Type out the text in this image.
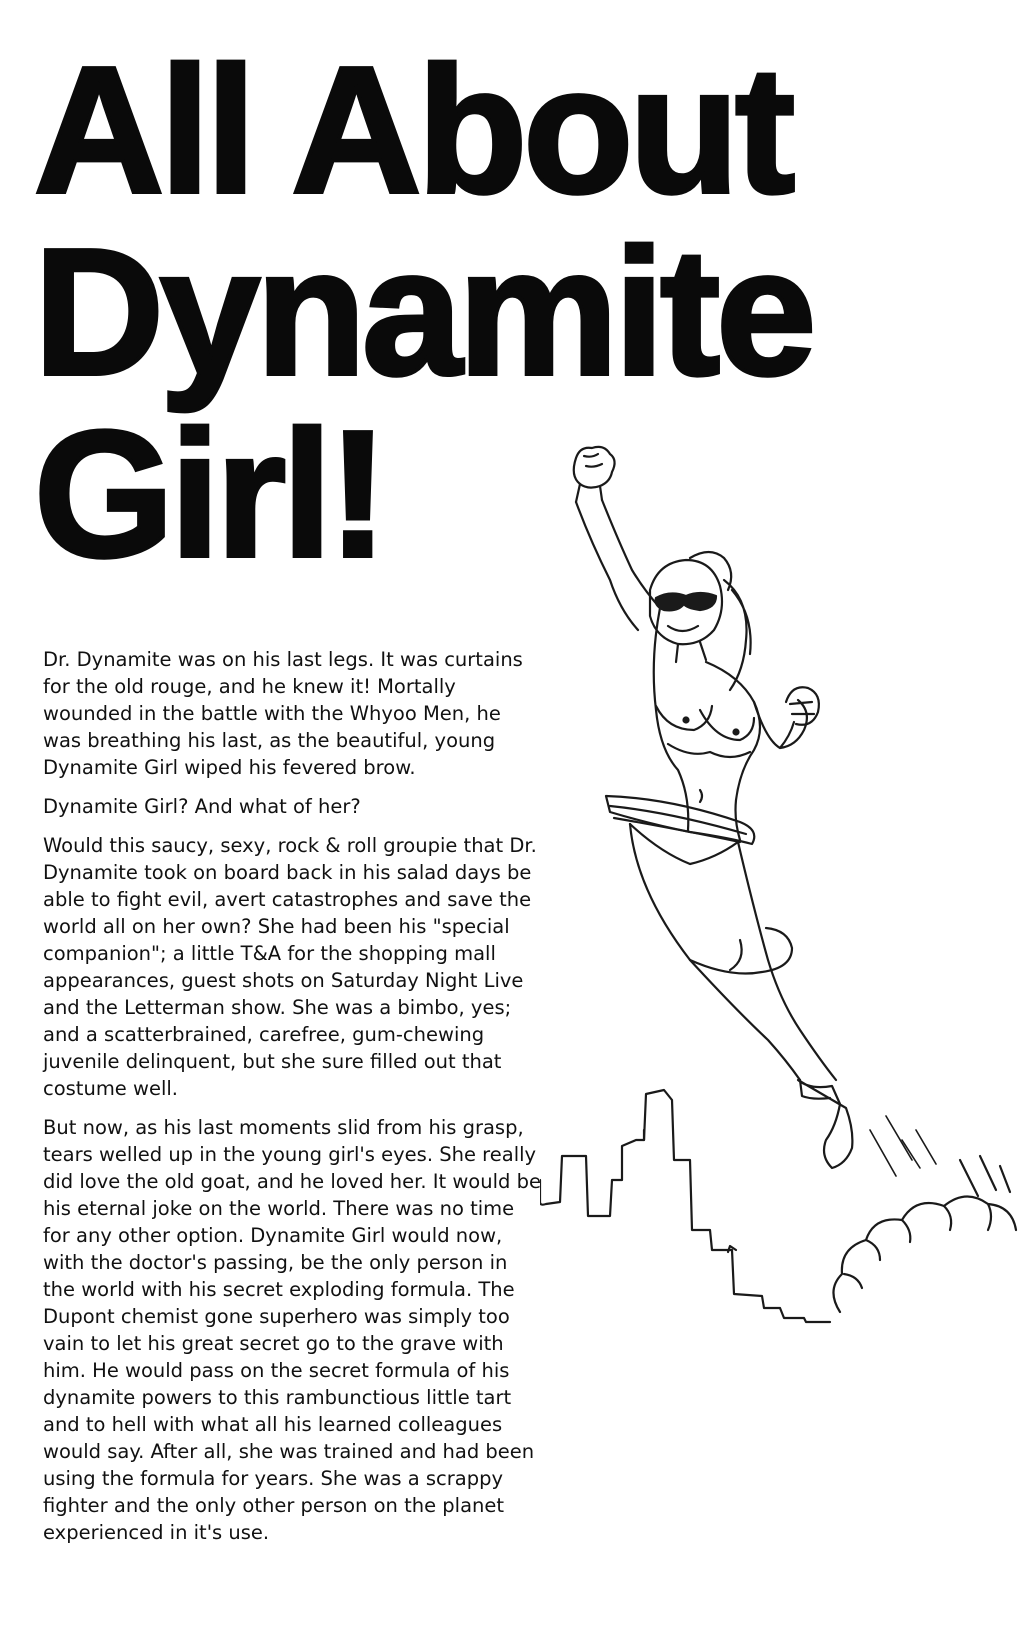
All About
Dynamite
Girl!

Dr. Dynamite was on his last legs. It was curtains for the old rouge, and he knew it! Mortally wounded in the battle with the Whyoo Men, he was breathing his last, as the beautiful, young Dynamite Girl wiped his fevered brow.

Dynamite Girl? And what of her?

Would this saucy, sexy, rock & roll groupie that Dr. Dynamite took on board back in his salad days be able to fight evil, avert catastrophes and save the world all on her own? She had been his "special companion"; a little T&A for the shopping mall appearances, guest shots on Saturday Night Live and the Letterman show. She was a bimbo, yes; and a scatterbrained, carefree, gum-chewing juvenile delinquent, but she sure filled out that costume well.

But now, as his last moments slid from his grasp, tears welled up in the young girl's eyes. She really did love the old goat, and he loved her. It would be his eternal joke on the world. There was no time for any other option. Dynamite Girl would now, with the doctor's passing, be the only person in the world with his secret exploding formula. The Dupont chemist gone superhero was simply too vain to let his great secret go to the grave with him. He would pass on the secret formula of his dynamite powers to this rambunctious little tart and to hell with what all his learned colleagues would say. After all, she was trained and had been using the formula for years. She was a scrappy fighter and the only other person on the planet experienced in it's use.
